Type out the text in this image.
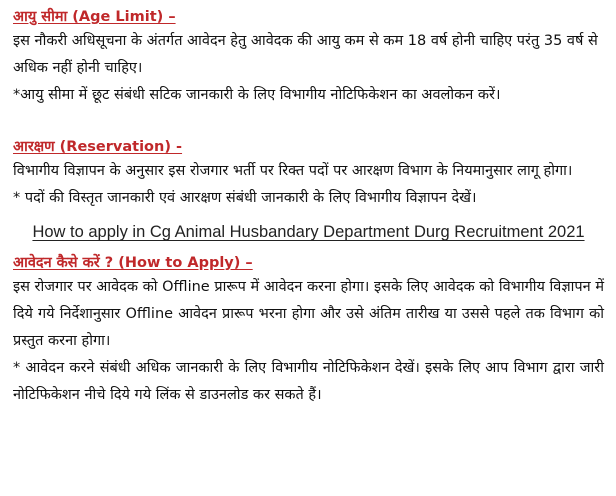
आयु सीमा (Age Limit) –

इस नौकरी अधिसूचना के अंतर्गत आवेदन हेतु आवेदक की आयु कम से कम 18 वर्ष होनी चाहिए परंतु 35 वर्ष से अधिक नहीं होनी चाहिए।

*आयु सीमा में छूट संबंधी सटिक जानकारी के लिए विभागीय नोटिफिकेशन का अवलोकन करें।

आरक्षण (Reservation) -

विभागीय विज्ञापन के अनुसार इस रोजगार भर्ती पर रिक्त पदों पर आरक्षण विभाग के नियमानुसार लागू होगा।

* पदों की विस्तृत जानकारी एवं आरक्षण संबंधी जानकारी के लिए विभागीय विज्ञापन देखें।

How to apply in Cg Animal Husbandary Department Durg Recruitment 2021

आवेदन कैसे करें ? (How to Apply) –

इस रोजगार पर आवेदक को Offline प्रारूप में आवेदन करना होगा। इसके लिए आवेदक को विभागीय विज्ञापन में दिये गये निर्देशानुसार Offline आवेदन प्रारूप भरना होगा और उसे अंतिम तारीख या उससे पहले तक विभाग को प्रस्तुत करना होगा।

* आवेदन करने संबंधी अधिक जानकारी के लिए विभागीय नोटिफिकेशन देखें। इसके लिए आप विभाग द्वारा जारी नोटिफिकेशन नीचे दिये गये लिंक से डाउनलोड कर सकते हैं।
